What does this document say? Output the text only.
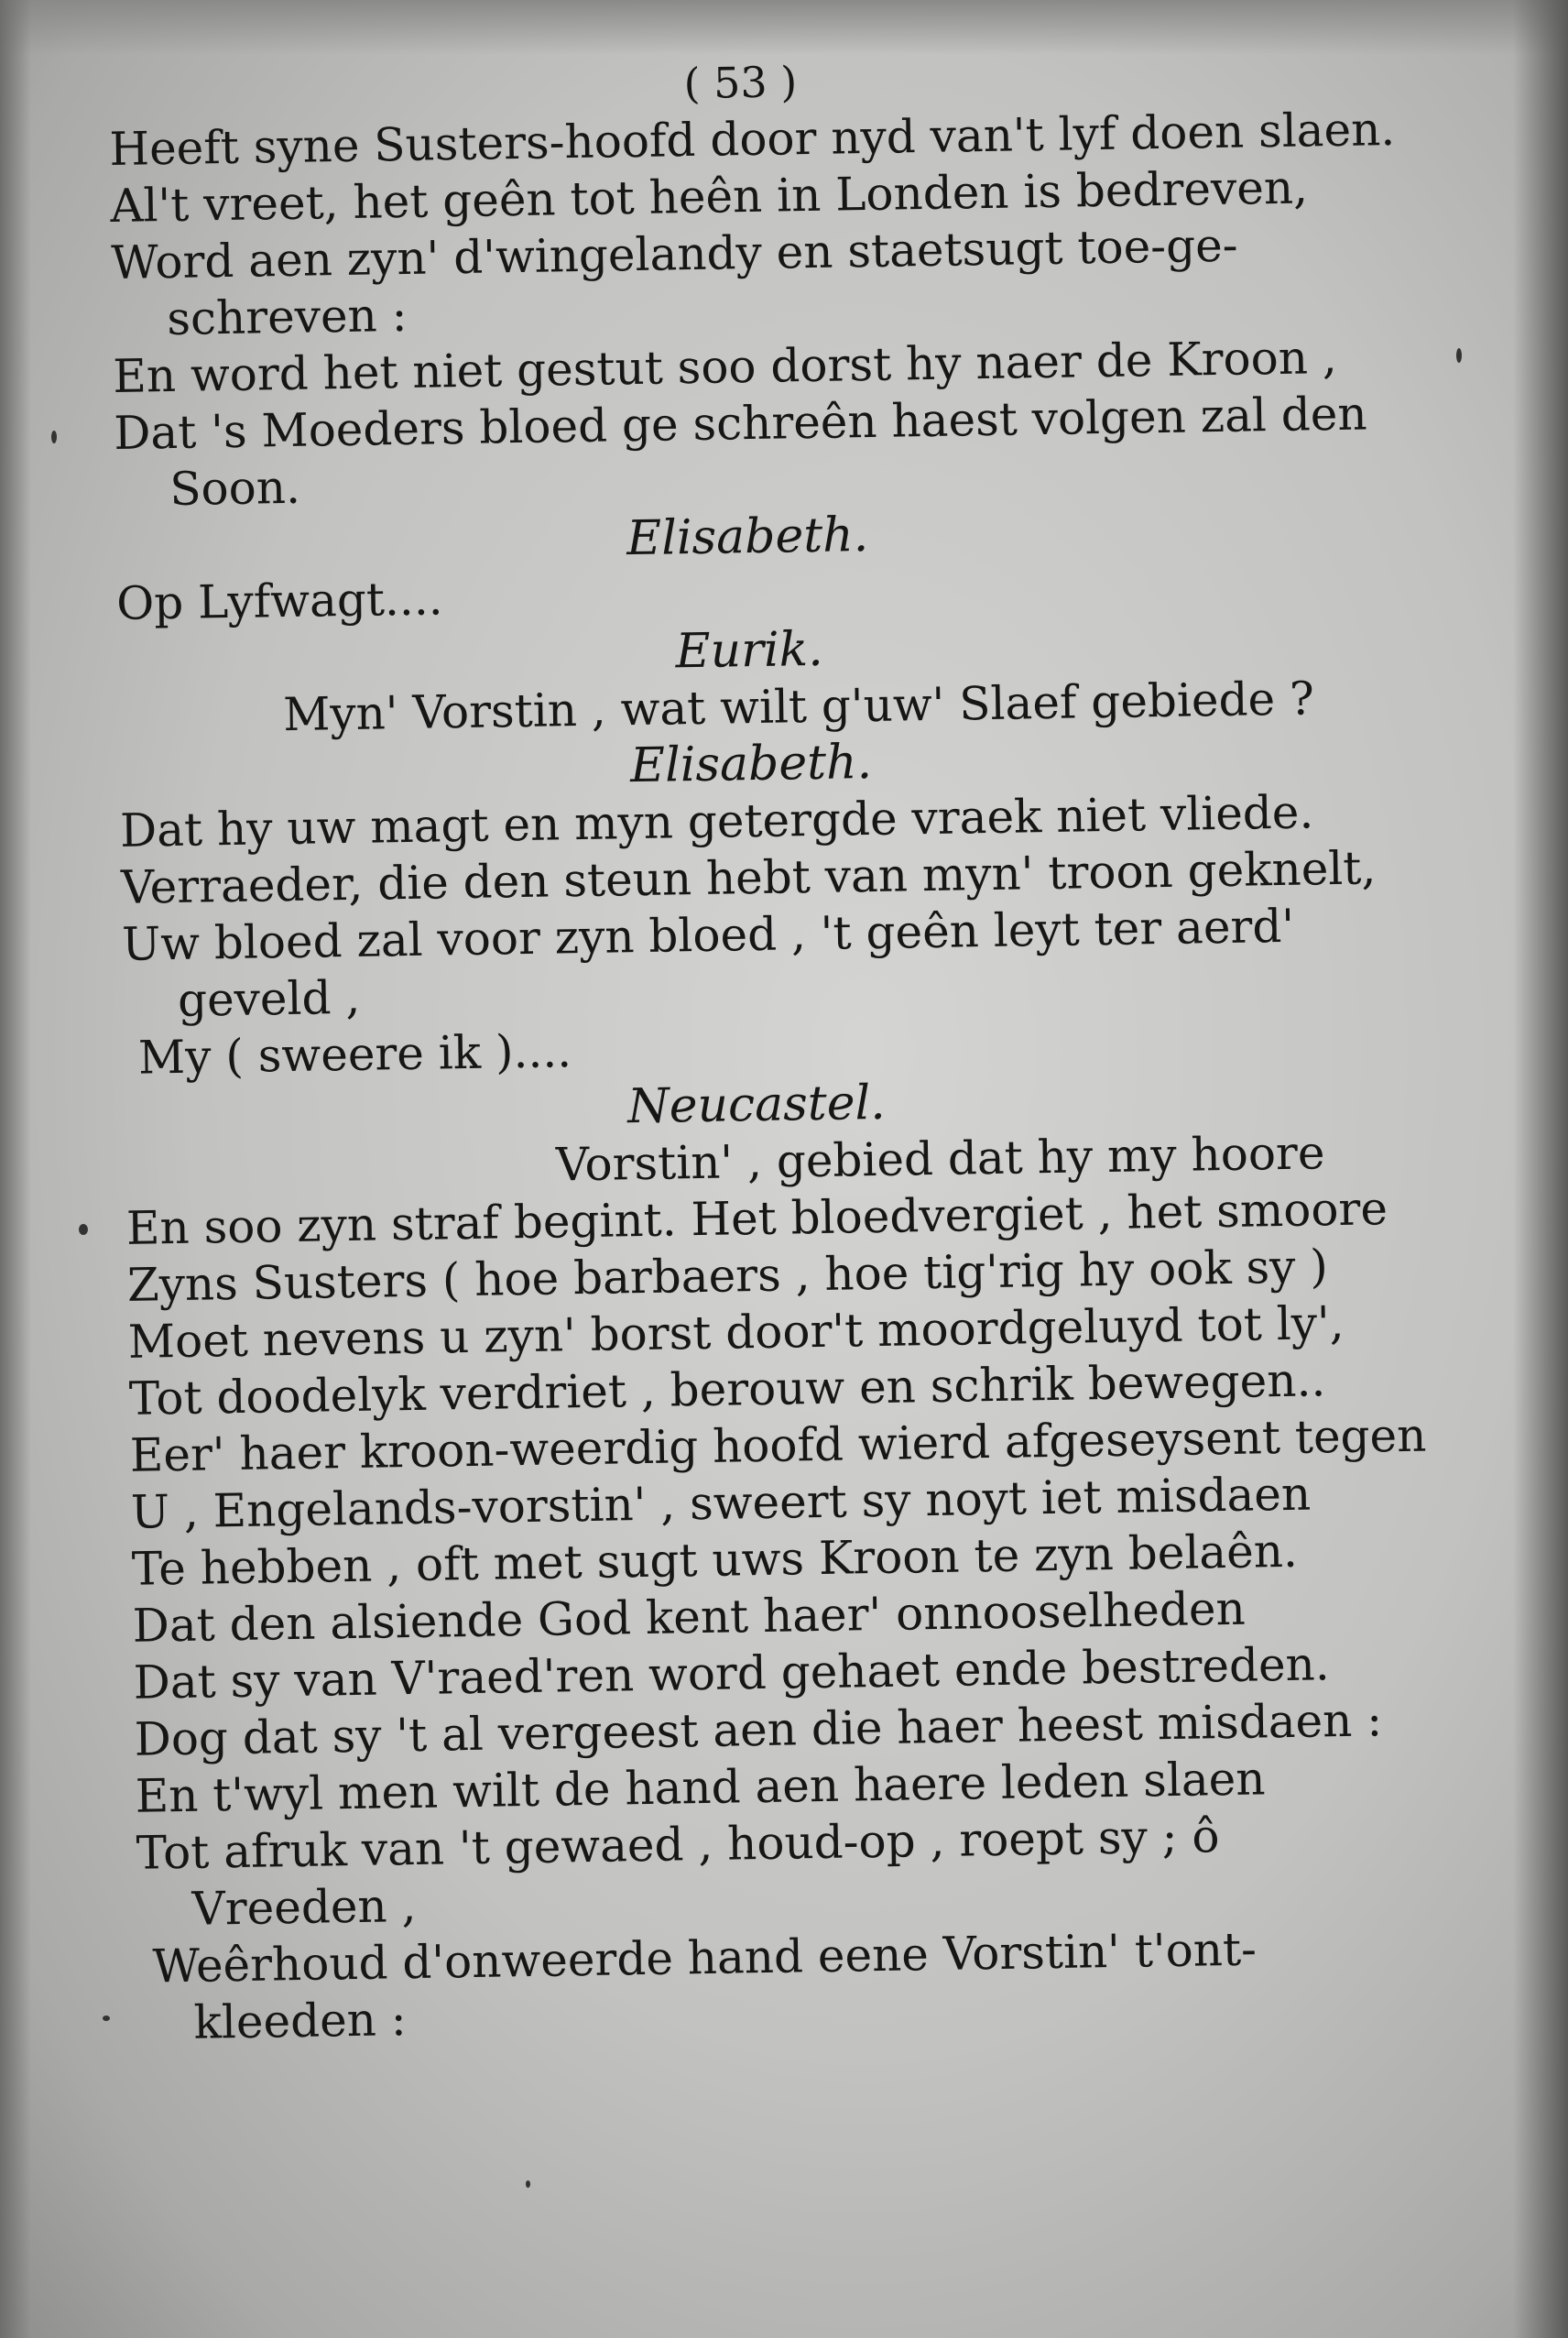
( 53 )
Heeft syne Susters-hoofd door nyd van't lyf doen slaen.
Al't vreet, het geên tot heên in Londen is bedreven,
Word aen zyn' d'wingelandy en staetsugt toe-ge-
schreven :
En word het niet gestut soo dorst hy naer de Kroon ,
Dat 's Moeders bloed ge schreên haest volgen zal den
Soon.
Elisabeth.
Op Lyfwagt....
Eurik.
Myn' Vorstin , wat wilt g'uw' Slaef gebiede ?
Elisabeth.
Dat hy uw magt en myn getergde vraek niet vliede.
Verraeder, die den steun hebt van myn' troon geknelt,
Uw bloed zal voor zyn bloed , 't geên leyt ter aerd'
geveld ,
My ( sweere ik )....
Neucastel.
Vorstin' , gebied dat hy my hoore
En soo zyn straf begint. Het bloedvergiet , het smoore
Zyns Susters ( hoe barbaers , hoe tig'rig hy ook sy )
Moet nevens u zyn' borst door't moordgeluyd tot ly',
Tot doodelyk verdriet , berouw en schrik bewegen..
Eer' haer kroon-weerdig hoofd wierd afgeseysent tegen
U , Engelands-vorstin' , sweert sy noyt iet misdaen
Te hebben , oft met sugt uws Kroon te zyn belaên.
Dat den alsiende God kent haer' onnooselheden
Dat sy van V'raed'ren word gehaet ende bestreden.
Dog dat sy 't al vergeest aen die haer heest misdaen :
En t'wyl men wilt de hand aen haere leden slaen
Tot afruk van 't gewaed , houd-op , roept sy ; ô
Vreeden ,
Weêrhoud d'onweerde hand eene Vorstin' t'ont-
kleeden :
